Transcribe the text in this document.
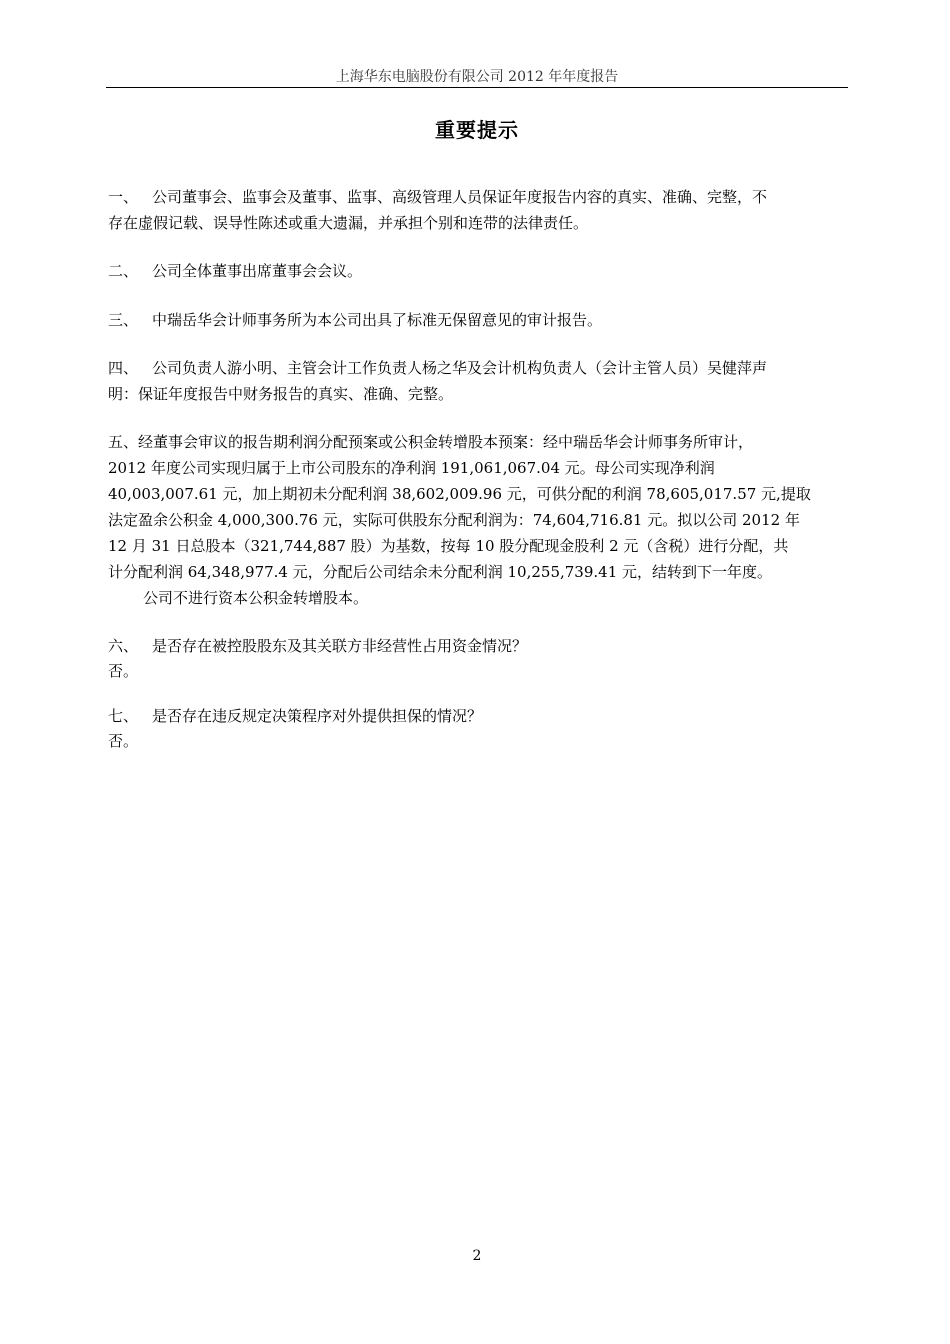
上海华东电脑股份有限公司 2012 年年度报告
重要提示
一、 公司董事会、监事会及董事、监事、高级管理人员保证年度报告内容的真实、准确、完整，不
存在虚假记载、误导性陈述或重大遗漏，并承担个别和连带的法律责任。
二、 公司全体董事出席董事会会议。
三、 中瑞岳华会计师事务所为本公司出具了标准无保留意见的审计报告。
四、 公司负责人游小明、主管会计工作负责人杨之华及会计机构负责人（会计主管人员）吴健萍声
明：保证年度报告中财务报告的真实、准确、完整。
五、经董事会审议的报告期利润分配预案或公积金转增股本预案：经中瑞岳华会计师事务所审计，
2012 年度公司实现归属于上市公司股东的净利润 191,061,067.04 元。母公司实现净利润
40,003,007.61 元，加上期初未分配利润 38,602,009.96 元，可供分配的利润 78,605,017.57 元,提取
法定盈余公积金 4,000,300.76 元，实际可供股东分配利润为：74,604,716.81 元。拟以公司 2012 年
12 月 31 日总股本（321,744,887 股）为基数，按每 10 股分配现金股利 2 元（含税）进行分配，共
计分配利润 64,348,977.4 元，分配后公司结余未分配利润 10,255,739.41 元，结转到下一年度。
公司不进行资本公积金转增股本。
六、 是否存在被控股股东及其关联方非经营性占用资金情况？
否。
七、 是否存在违反规定决策程序对外提供担保的情况？
否。
2
